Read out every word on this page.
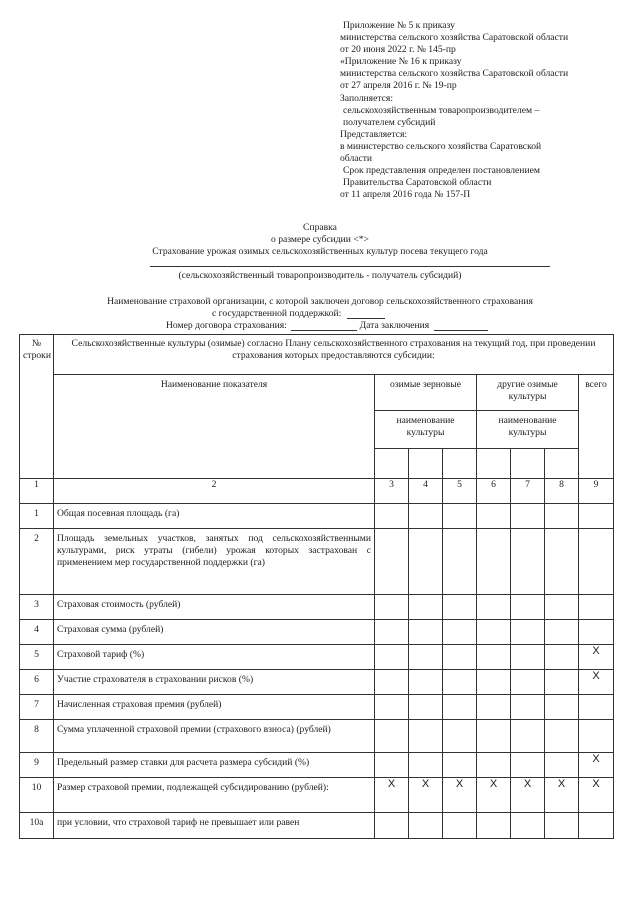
Приложение № 5 к приказу
министерства сельского хозяйства Саратовской области
от 20 июня 2022 г. № 145-пр
«Приложение № 16 к приказу
министерства сельского хозяйства Саратовской области
от 27 апреля 2016 г. № 19-пр
Заполняется:
сельскохозяйственным товаропроизводителем –
получателем субсидий
Представляется:
в министерство сельского хозяйства Саратовской
области
Срок представления определен постановлением
Правительства Саратовской области
от 11 апреля 2016 года № 157-П
Справка
о размере субсидии <*>
Страхование урожая озимых сельскохозяйственных культур посева текущего года
(сельскохозяйственный товаропроизводитель - получатель субсидий)
Наименование страховой организации, с которой заключен договор сельскохозяйственного страхования
с государственной поддержкой:
Номер договора страхования:	Дата заключения
№ строки	Сельскохозяйственные культуры (озимые) согласно Плану сельскохозяйственного страхования на текущий год, при проведении страхования которых предоставляются субсидии:							
	Наименование показателя	озимые зерновые			другие озимые культуры			всего
		наименование культуры			наименование культуры			

1	2	3	4	5	6	7	8	9
1	Общая посевная площадь (га)							
2	Площадь земельных участков, занятых под сельскохозяйственными культурами, риск утраты (гибели) урожая которых застрахован с применением мер государственной поддержки (га)							
3	Страховая стоимость (рублей)							
4	Страховая сумма (рублей)							
5	Страховой тариф (%)							X
6	Участие страхователя в страховании рисков (%)							X
7	Начисленная страховая премия (рублей)							
8	Сумма уплаченной страховой премии (страхового взноса) (рублей)							
9	Предельный размер ставки для расчета размера субсидий (%)							X
10	Размер страховой премии, подлежащей субсидированию (рублей):	X	X	X	X	X	X	X
10а	при условии, что страховой тариф не превышает или равен							
